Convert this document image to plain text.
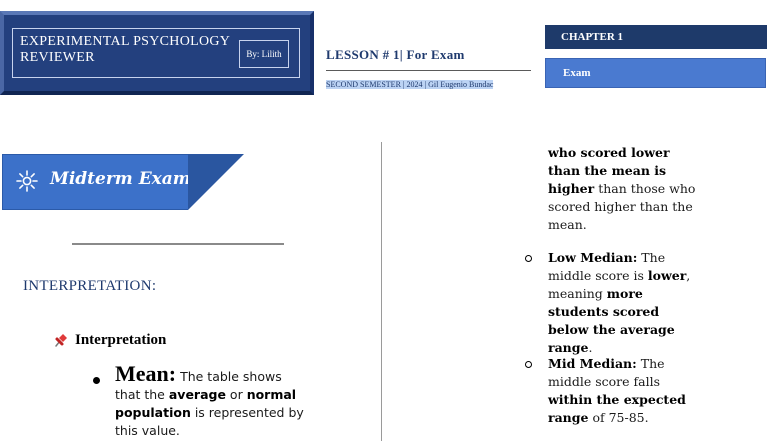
EXPERIMENTAL PSYCHOLOGY REVIEWER	By: Lilith	LESSON # 1| For Exam
SECOND SEMESTER | 2024 | Gil Eugenio Bundac
CHAPTER 1
Exam
Midterm Exam
INTERPRETATION:
Interpretation
Mean: The table shows that the average or normal population is represented by this value.
who scored lower than the mean is higher than those who scored higher than the mean.
Low Median: The middle score is lower, meaning more students scored below the average range.
Mid Median: The middle score falls within the expected range of 75-85.
